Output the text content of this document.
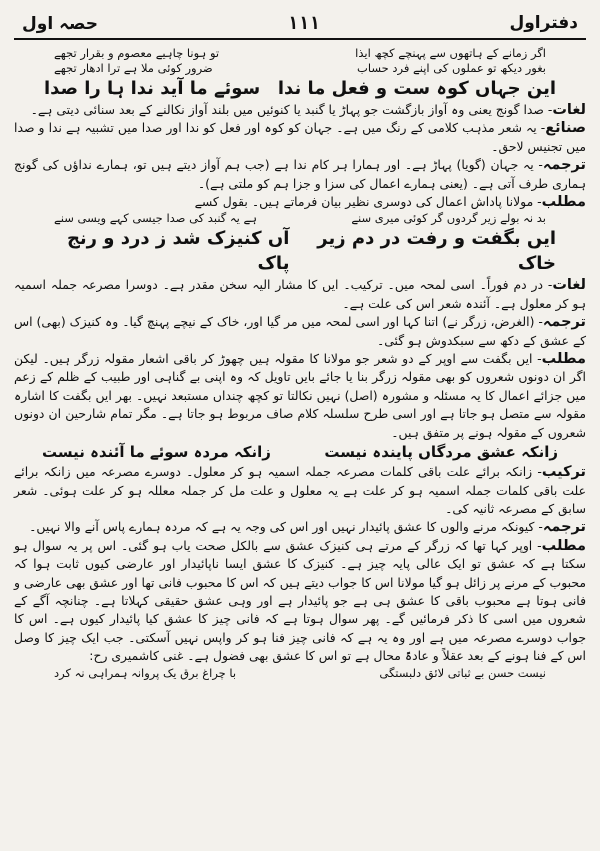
دفتراول
۱۱۱
حصہ اول
اگر زمانے کے ہاتھوں سے پہنچے کچھ ایذا
تو ہونا چاہیے معصوم و بقرار تجھے
بغور دیکھ تو عملوں کی اپنے فرد حساب
ضرور کوئی ملا ہے ترا ادھار تجھے
این جہاں کوہ ست و فعل ما ندا
سوئے ما آید ندا ہا را صدا

لغات- صدا گونج یعنی وہ آواز بازگشت جو پہاڑ یا گنبد یا کنوئیں میں بلند آواز نکالنے کے بعد سنائی دیتی ہے۔

صنائع- یہ شعر مذہب کلامی کے رنگ میں ہے۔ جہان کو کوہ اور فعل کو ندا اور صدا میں تشبیہ ہے ندا و صدا میں تجنیس لاحق۔

ترجمہ- یہ جہان (گویا) پہاڑ ہے۔ اور ہمارا ہر کام ندا ہے (جب ہم آواز دیتے ہیں تو، ہمارے نداؤں کی گونج ہماری طرف آتی ہے۔ (یعنی ہمارے اعمال کی سزا و جزا ہم کو ملتی ہے)۔

مطلب- مولانا پاداش اعمال کی دوسری نظیر بیان فرماتے ہیں۔ بقول کسے

بد نہ بولے زیر گردوں گر کوئی میری سنے
ہے یہ گنبد کی صدا جیسی کہے ویسی سنے
ایں بگفت و رفت در دم زیر خاک
آں کنیزک شد ز درد و رنج پاک

لغات- در دم فوراً۔ اسی لمحہ میں۔ ترکیب۔ ایں کا مشار الیہ سخن مقدر ہے۔ دوسرا مصرعہ جملہ اسمیہ ہو کر معلول ہے۔ آئندہ شعر اس کی علت ہے۔

ترجمہ- (الغرض، زرگر نے) اتنا کہا اور اسی لمحہ میں مر گیا اور، خاک کے نیچے پہنچ گیا۔ وہ کنیزک (بھی) اس کے عشق کے دکھ سے سبکدوش ہو گئی۔

مطلب- ایں بگفت سے اوپر کے دو شعر جو مولانا کا مقولہ ہیں چھوڑ کر باقی اشعار مقولہ زرگر ہیں۔ لیکن اگر ان دونوں شعروں کو بھی مقولہ زرگر بنا یا جائے بایں تاویل کہ وہ اپنی بے گناہی اور طبیب کے ظلم کے زعم میں جزائے اعمال کا یہ مسئلہ و مشورہ (اصل) نہیں نکالتا تو کچھ چنداں مستبعد نہیں۔ بھر ایں بگفت کا اشارہ مقولہ سے متصل ہو جاتا ہے اور اسی طرح سلسلہ کلام صاف مربوط ہو جاتا ہے۔ مگر تمام شارحین ان دونوں شعروں کے مقولہ ہونے پر متفق ہیں۔

زانکہ عشق مردگاں پایندہ نیست
زانکہ مردہ سوئے ما آئندہ نیست

ترکیب- زانکہ برائے علت باقی کلمات مصرعہ جملہ اسمیہ ہو کر معلول۔ دوسرے مصرعہ میں زانکہ برائے علت باقی کلمات جملہ اسمیہ ہو کر علت ہے یہ معلول و علت مل کر جملہ معللہ ہو کر علت ہوئی۔ شعر سابق کے مصرعہ ثانیہ کی۔

ترجمہ- کیونکہ مرنے والوں کا عشق پائیدار نہیں اور اس کی وجہ یہ ہے کہ مردہ ہمارے پاس آنے والا نہیں۔

مطلب- اوپر کہا تھا کہ زرگر کے مرتے ہی کنیزک عشق سے بالکل صحت یاب ہو گئی۔ اس پر یہ سوال ہو سکتا ہے کہ عشق تو ایک عالی پایہ چیز ہے۔ کنیزک کا عشق ایسا ناپائیدار اور عارضی کیوں ثابت ہوا کہ محبوب کے مرنے پر زائل ہو گیا مولانا اس کا جواب دیتے ہیں کہ اس کا محبوب فانی تھا اور عشق بھی عارضی و فانی ہوتا ہے محبوب باقی کا عشق ہی ہے جو پائیدار ہے اور وہی عشق حقیقی کہلاتا ہے۔ چنانچہ آگے کے شعروں میں اسی کا ذکر فرمائیں گے۔ پھر سوال ہوتا ہے کہ فانی چیز کا عشق کیا پائیدار کیوں ہے۔ اس کا جواب دوسرے مصرعہ میں ہے اور وہ یہ ہے کہ فانی چیز فنا ہو کر واپس نہیں آسکتی۔ جب ایک چیز کا وصل اس کے فنا ہونے کے بعد عقلاً و عادۃً محال ہے تو اس کا عشق بھی فضول ہے۔ غنی کاشمیری رح:

نیست حسن بے ثباتی لائق دلبستگی
با چراغ برق یک پروانہ ہمراہی نہ کرد
